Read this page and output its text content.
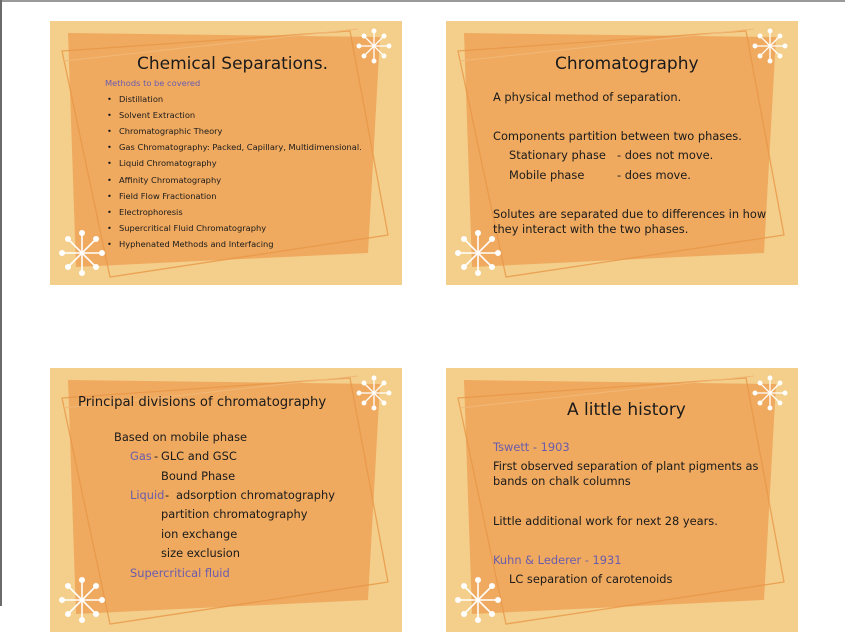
Chemical Separations.
Methods to be covered
• Distillation
• Solvent Extraction
• Chromatographic Theory
• Gas Chromatography: Packed, Capillary, Multidimensional.
• Liquid Chromatography
• Affinity Chromatography
• Field Flow Fractionation
• Electrophoresis
• Supercritical Fluid Chromatography
• Hyphenated Methods and Interfacing
Chromatography
A physical method of separation.
Components partition between two phases.
Stationary phase - does not move.
Mobile phase	- does move.
Solutes are separated due to differences in how
they interact with the two phases.
Principal divisions of chromatography
Based on mobile phase
Gas - GLC and GSC
Bound Phase
Liquid - adsorption chromatography
partition chromatography
ion exchange
size exclusion
Supercritical fluid
A little history
Tswett - 1903
First observed separation of plant pigments as
bands on chalk columns
Little additional work for next 28 years.
Kuhn & Lederer - 1931
LC separation of carotenoids
